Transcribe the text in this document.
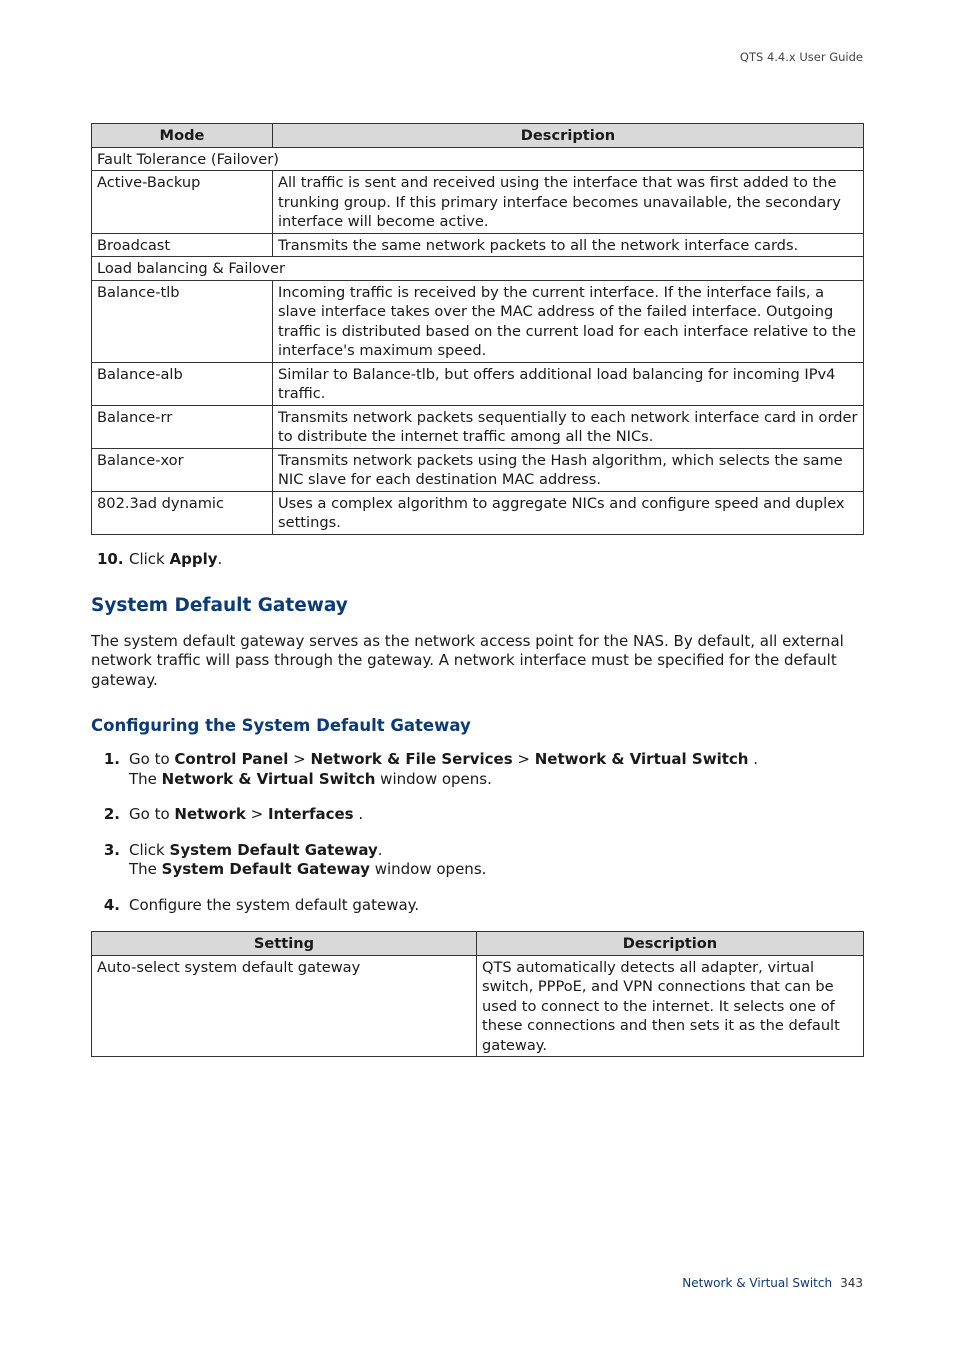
QTS 4.4.x User Guide
Mode	Description
Fault Tolerance (Failover)	
Active-Backup	All traffic is sent and received using the interface that was first added to the trunking group. If this primary interface becomes unavailable, the secondary interface will become active.
Broadcast	Transmits the same network packets to all the network interface cards.
Load balancing & Failover	
Balance-tlb	Incoming traffic is received by the current interface. If the interface fails, a slave interface takes over the MAC address of the failed interface. Outgoing traffic is distributed based on the current load for each interface relative to the interface's maximum speed.
Balance-alb	Similar to Balance-tlb, but offers additional load balancing for incoming IPv4 traffic.
Balance-rr	Transmits network packets sequentially to each network interface card in order to distribute the internet traffic among all the NICs.
Balance-xor	Transmits network packets using the Hash algorithm, which selects the same NIC slave for each destination MAC address.
802.3ad dynamic	Uses a complex algorithm to aggregate NICs and configure speed and duplex settings.
10. Click Apply.
System Default Gateway

The system default gateway serves as the network access point for the NAS. By default, all external network traffic will pass through the gateway. A network interface must be specified for the default gateway.

Configuring the System Default Gateway
1. Go to Control Panel > Network & File Services > Network & Virtual Switch .
The Network & Virtual Switch window opens.
2. Go to Network > Interfaces .
3. Click System Default Gateway.
The System Default Gateway window opens.
4. Configure the system default gateway.
Setting	Description
Auto-select system default gateway	QTS automatically detects all adapter, virtual switch, PPPoE, and VPN connections that can be used to connect to the internet. It selects one of these connections and then sets it as the default gateway.
Network & Virtual Switch 343
